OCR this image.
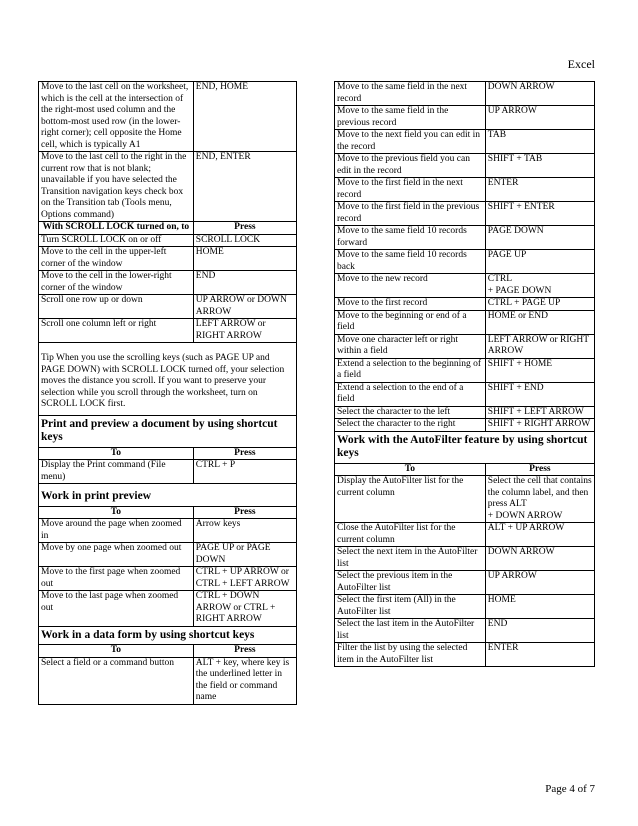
Excel
Move to the last cell on the worksheet, which is the cell at the intersection of the right-most used column and the bottom-most used row (in the lower-right corner); cell opposite the Home cell, which is typically A1	END, HOME
Move to the last cell to the right in the current row that is not blank; unavailable if you have selected the Transition navigation keys check box on the Transition tab (Tools menu, Options command)	END, ENTER
With SCROLL LOCK turned on, to	Press
Turn SCROLL LOCK on or off	SCROLL LOCK
Move to the cell in the upper-left corner of the window	HOME
Move to the cell in the lower-right corner of the window	END
Scroll one row up or down	UP ARROW or DOWN ARROW
Scroll one column left or right	LEFT ARROW or RIGHT ARROW
Tip When you use the scrolling keys (such as PAGE UP and PAGE DOWN) with SCROLL LOCK turned off, your selection moves the distance you scroll. If you want to preserve your selection while you scroll through the worksheet, turn on SCROLL LOCK first.
Print and preview a document by using shortcut keys
To	Press
Display the Print command (File menu)	CTRL + P
Work in print preview
To	Press
Move around the page when zoomed in	Arrow keys
Move by one page when zoomed out	PAGE UP or PAGE DOWN
Move to the first page when zoomed out	CTRL + UP ARROW or CTRL + LEFT ARROW
Move to the last page when zoomed out	CTRL + DOWN ARROW or CTRL + RIGHT ARROW
Work in a data form by using shortcut keys
To	Press
Select a field or a command button	ALT + key, where key is the underlined letter in the field or command name
Move to the same field in the next record	DOWN ARROW
Move to the same field in the previous record	UP ARROW
Move to the next field you can edit in the record	TAB
Move to the previous field you can edit in the record	SHIFT + TAB
Move to the first field in the next record	ENTER
Move to the first field in the previous record	SHIFT + ENTER
Move to the same field 10 records forward	PAGE DOWN
Move to the same field 10 records back	PAGE UP
Move to the new record	CTRL
+ PAGE DOWN
Move to the first record	CTRL + PAGE UP
Move to the beginning or end of a field	HOME or END
Move one character left or right within a field	LEFT ARROW or RIGHT ARROW
Extend a selection to the beginning of a field	SHIFT + HOME
Extend a selection to the end of a field	SHIFT + END
Select the character to the left	SHIFT + LEFT ARROW
Select the character to the right	SHIFT + RIGHT ARROW
Work with the AutoFilter feature by using shortcut keys
To	Press
Display the AutoFilter list for the current column	Select the cell that contains the column label, and then press ALT
+ DOWN ARROW
Close the AutoFilter list for the current column	ALT + UP ARROW
Select the next item in the AutoFilter list	DOWN ARROW
Select the previous item in the AutoFilter list	UP ARROW
Select the first item (All) in the AutoFilter list	HOME
Select the last item in the AutoFilter list	END
Filter the list by using the selected item in the AutoFilter list	ENTER
Page 4 of 7
